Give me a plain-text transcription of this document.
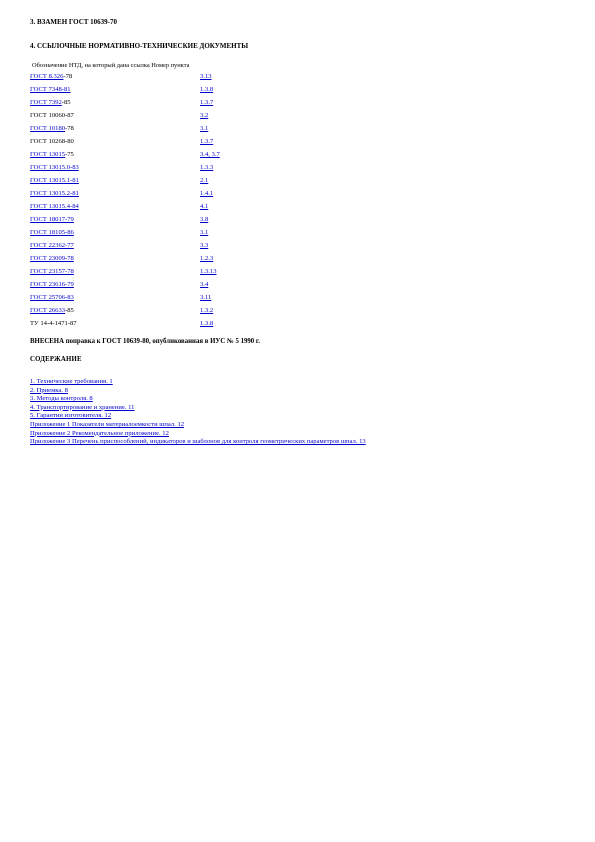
3. ВЗАМЕН ГОСТ 10639-70
4. ССЫЛОЧНЫЕ НОРМАТИВНО-ТЕХНИЧЕСКИЕ ДОКУМЕНТЫ
Обозначение НТД, на который дана ссылка Номер пункта
ГОСТ 8.326-78	3.13
ГОСТ 7348-81	1.3.8
ГОСТ 7392-85	1.3.7
ГОСТ 10060-87	3.2
ГОСТ 10180-78	3.1
ГОСТ 10268-80	1.3.7
ГОСТ 13015-75	3.4, 3.7
ГОСТ 13015.0-83	1.3.3
ГОСТ 13015.1-81	2.1
ГОСТ 13015.2-81	1.4.1
ГОСТ 13015.4-84	4.1
ГОСТ 18017-79	3.8
ГОСТ 18105-86	3.1
ГОСТ 22362-77	3.3
ГОСТ 23009-78	1.2.3
ГОСТ 23157-78	1.3.13
ГОСТ 23616-79	3.4
ГОСТ 25706-83	3.11
ГОСТ 26633-85	1.3.2
ТУ 14-4-1471-87	1.3.8
ВНЕСЕНА поправка к ГОСТ 10639-80, опубликованная в ИУС № 5 1990 г.
СОДЕРЖАНИЕ
1. Технические требования. 1
2. Приемка. 8
3. Методы контроля. 8
4. Транспортирование и хранение. 11
5. Гарантии изготовителя. 12
Приложение 1 Показатели материалоемкости шпал. 12
Приложение 2 Рекомендательное приложение. 12
Приложение 3 Перечень приспособлений, индикаторов и шаблонов для контроля геометрических параметров шпал. 13
